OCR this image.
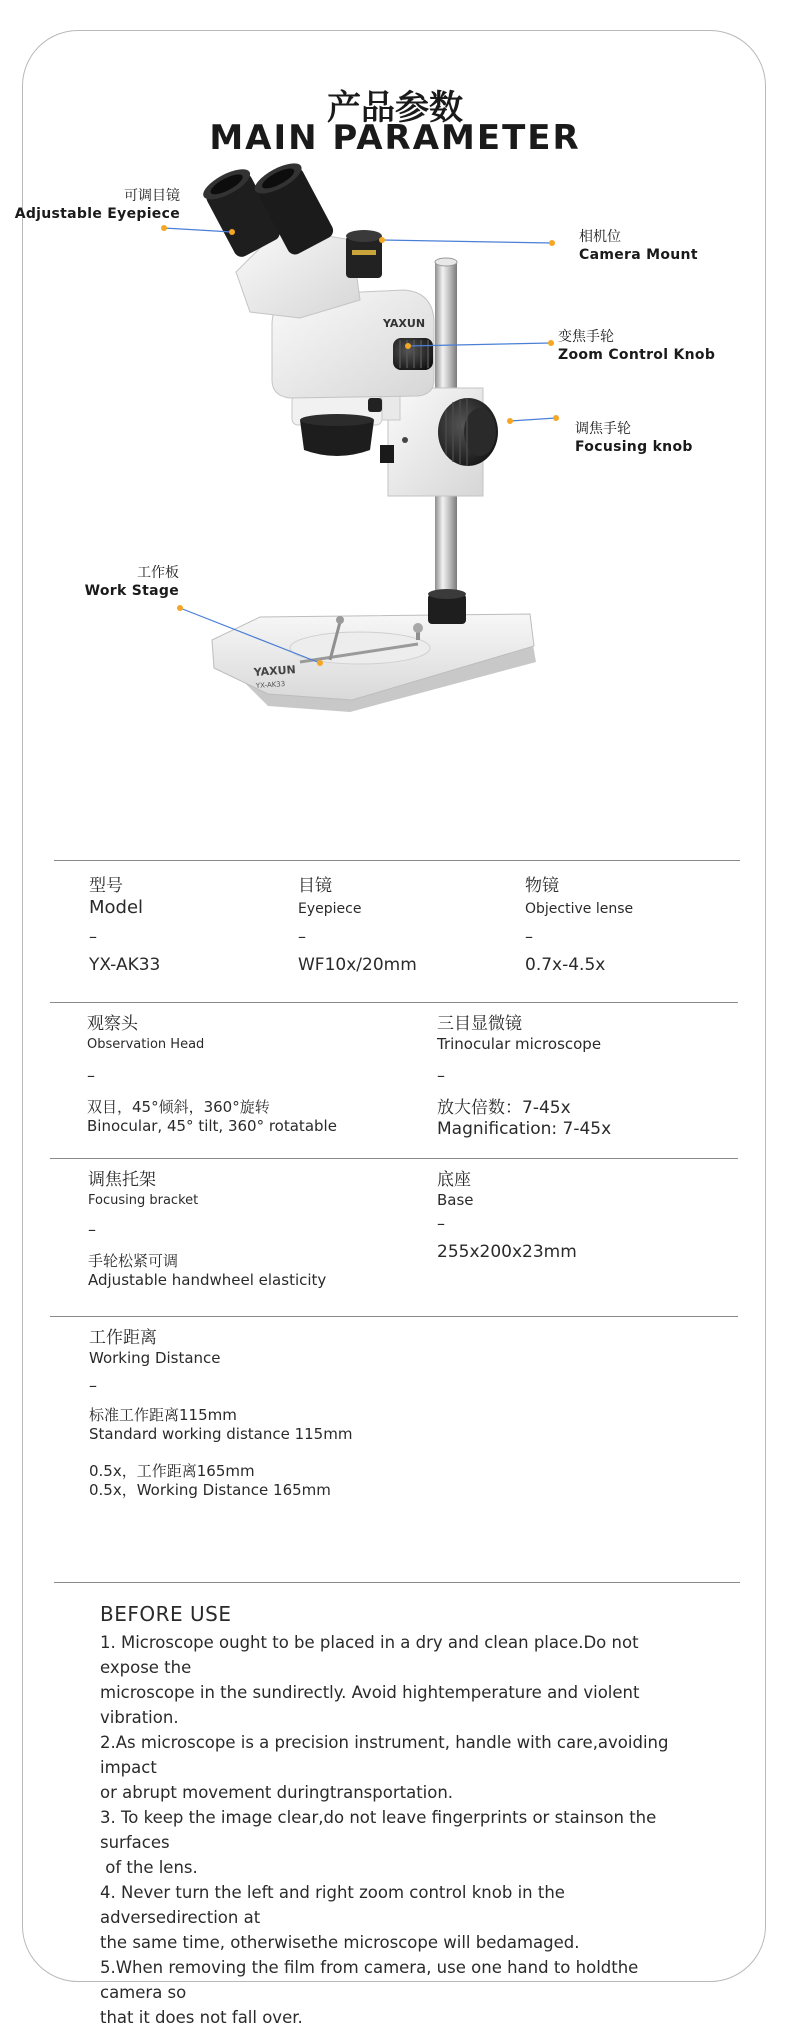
产品参数
MAIN PARAMETER
YAXUN
YX-AK33
YAXUN
可调目镜
Adjustable Eyepiece
相机位
Camera Mount
变焦手轮
Zoom Control Knob
调焦手轮
Focusing knob
工作板
Work Stage
型号
Model
–
YX-AK33
目镜
Eyepiece
–
WF10x/20mm
物镜
Objective lense
–
0.7x-4.5x
观察头
Observation Head
–
双目，45°倾斜，360°旋转
Binocular, 45° tilt, 360° rotatable
三目显微镜
Trinocular microscope
–
放大倍数：7-45x
Magnification: 7-45x
调焦托架
Focusing bracket
–
手轮松紧可调
Adjustable handwheel elasticity
底座
Base
–
255x200x23mm
工作距离
Working Distance
–
标准工作距离115mm
Standard working distance 115mm
0.5x，工作距离165mm
0.5x，Working Distance 165mm
BEFORE USE
1. Microscope ought to be placed in a dry and clean place.Do not expose the
microscope in the sundirectly. Avoid hightemperature and violent vibration.
2.As microscope is a precision instrument, handle with care,avoiding impact
or abrupt movement duringtransportation.
3. To keep the image clear,do not leave fingerprints or stainson the surfaces
of the lens.
4. Never turn the left and right zoom control knob in the adversedirection at
the same time, otherwisethe microscope will bedamaged.
5.When removing the film from camera, use one hand to holdthe camera so
that it does not fall over.
